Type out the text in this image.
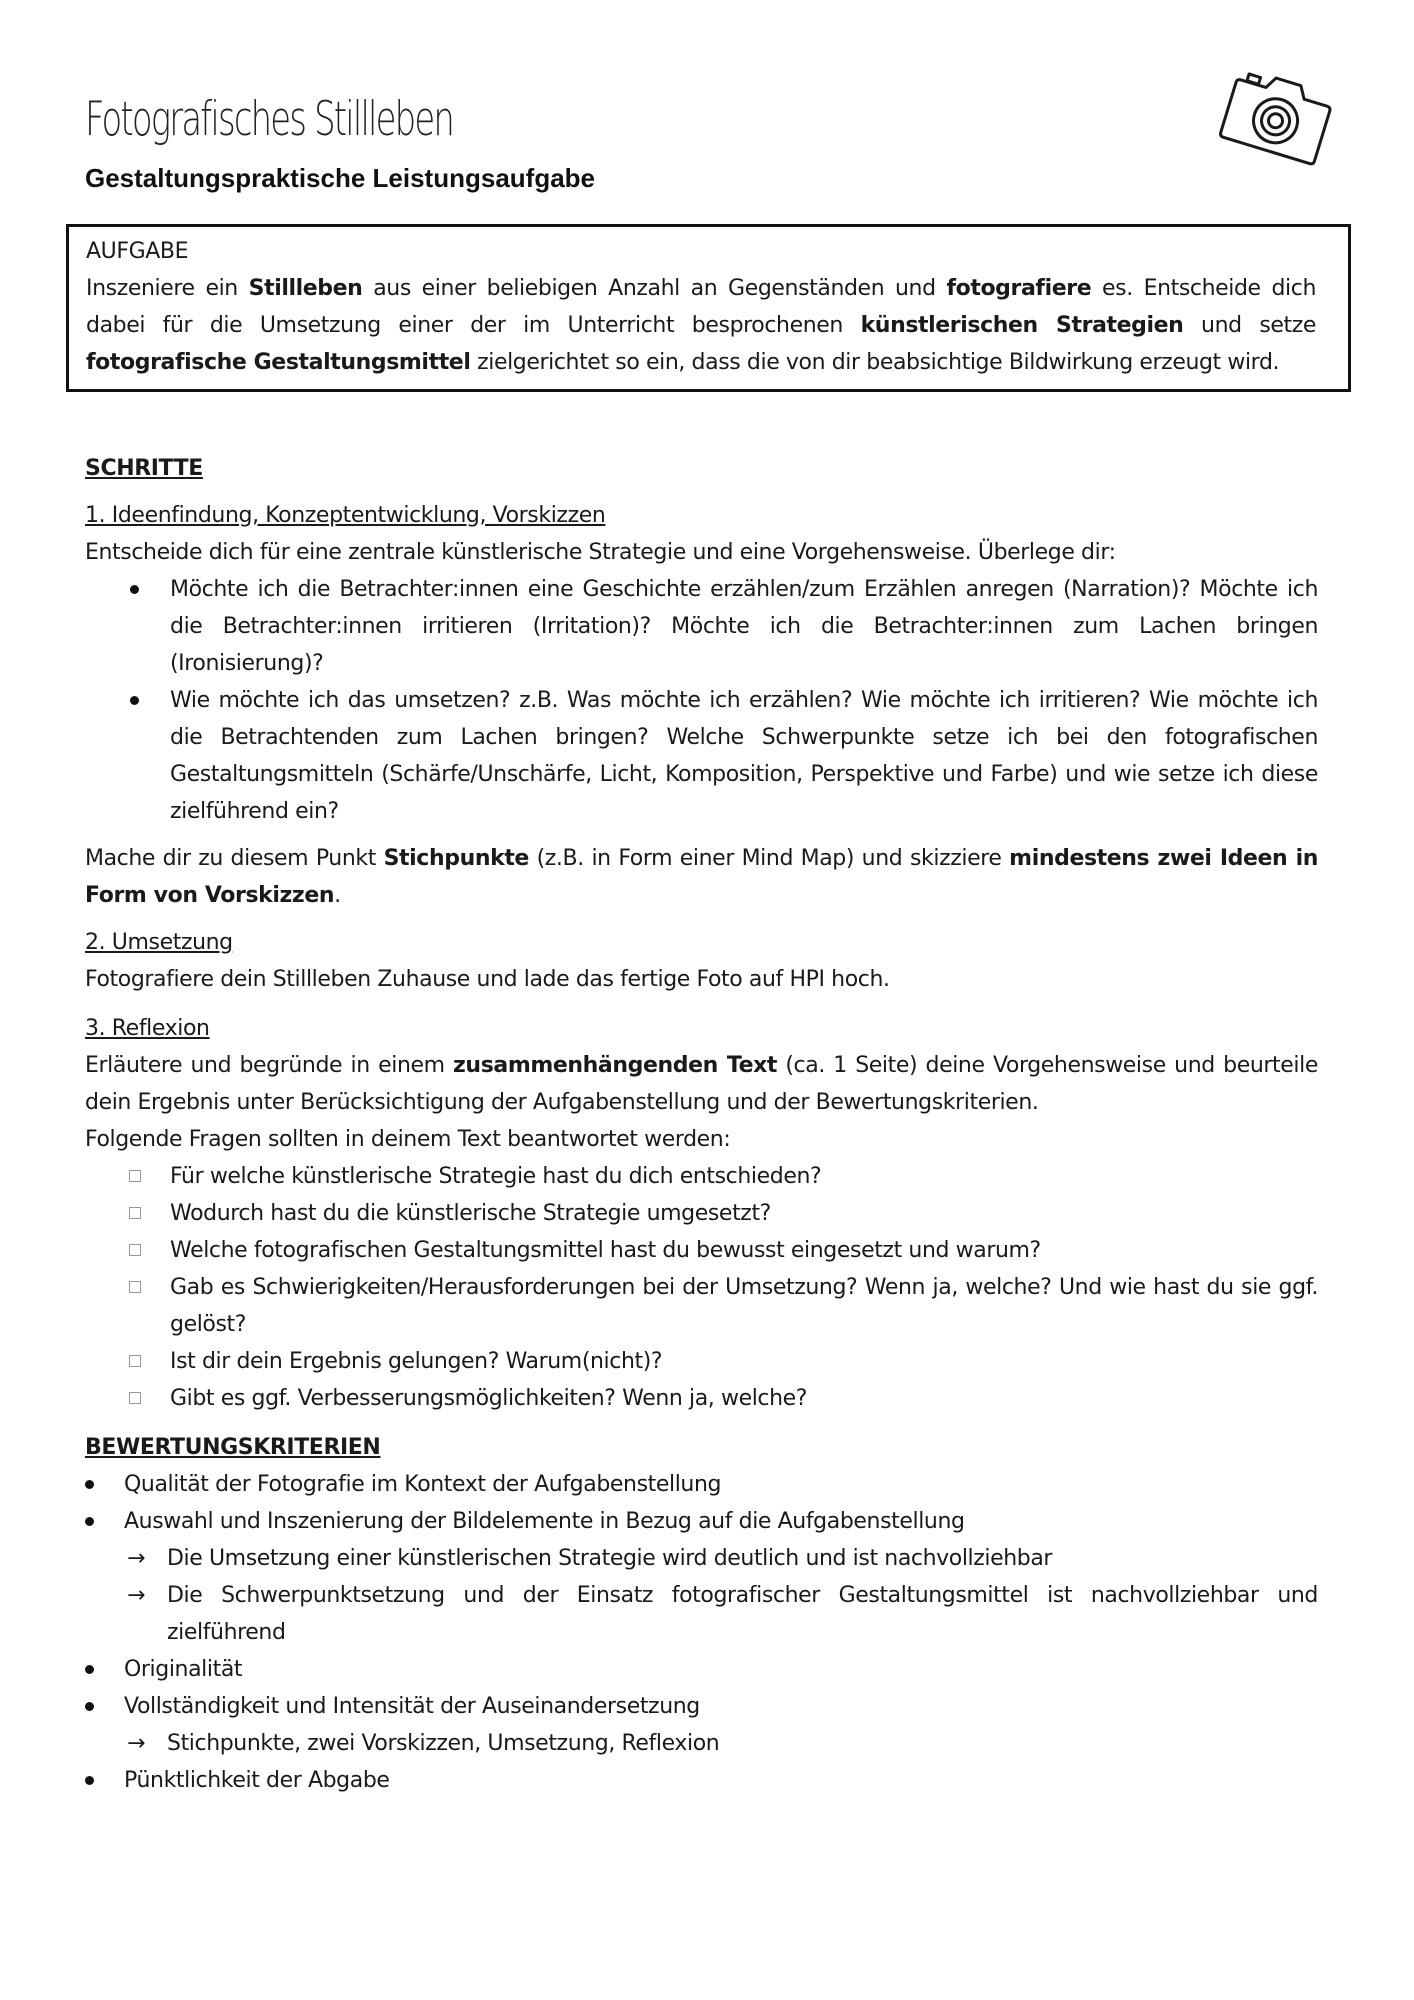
Fotografisches Stillleben
Gestaltungspraktische Leistungsaufgabe
AUFGABE
Inszeniere ein Stillleben aus einer beliebigen Anzahl an Gegenständen und fotografiere es. Entscheide dich dabei für die Umsetzung einer der im Unterricht besprochenen künstlerischen Strategien und setze fotografische Gestaltungsmittel zielgerichtet so ein, dass die von dir beabsichtige Bildwirkung erzeugt wird.
SCHRITTE
1. Ideenfindung, Konzeptentwicklung, Vorskizzen
Entscheide dich für eine zentrale künstlerische Strategie und eine Vorgehensweise. Überlege dir:
Möchte ich die Betrachter:innen eine Geschichte erzählen/zum Erzählen anregen (Narration)? Möchte ich die Betrachter:innen irritieren (Irritation)? Möchte ich die Betrachter:innen zum Lachen bringen (Ironisierung)?
Wie möchte ich das umsetzen? z.B. Was möchte ich erzählen? Wie möchte ich irritieren? Wie möchte ich die Betrachtenden zum Lachen bringen? Welche Schwerpunkte setze ich bei den fotografischen Gestaltungsmitteln (Schärfe/Unschärfe, Licht, Komposition, Perspektive und Farbe) und wie setze ich diese zielführend ein?
Mache dir zu diesem Punkt Stichpunkte (z.B. in Form einer Mind Map) und skizziere mindestens zwei Ideen in Form von Vorskizzen.
2. Umsetzung
Fotografiere dein Stillleben Zuhause und lade das fertige Foto auf HPI hoch.
3. Reflexion
Erläutere und begründe in einem zusammenhängenden Text (ca. 1 Seite) deine Vorgehensweise und beurteile dein Ergebnis unter Berücksichtigung der Aufgabenstellung und der Bewertungskriterien.
Folgende Fragen sollten in deinem Text beantwortet werden:
Für welche künstlerische Strategie hast du dich entschieden?
Wodurch hast du die künstlerische Strategie umgesetzt?
Welche fotografischen Gestaltungsmittel hast du bewusst eingesetzt und warum?
Gab es Schwierigkeiten/Herausforderungen bei der Umsetzung? Wenn ja, welche? Und wie hast du sie ggf. gelöst?
Ist dir dein Ergebnis gelungen? Warum(nicht)?
Gibt es ggf. Verbesserungsmöglichkeiten? Wenn ja, welche?
BEWERTUNGSKRITERIEN
Qualität der Fotografie im Kontext der Aufgabenstellung
Auswahl und Inszenierung der Bildelemente in Bezug auf die Aufgabenstellung
→ Die Umsetzung einer künstlerischen Strategie wird deutlich und ist nachvollziehbar
→ Die Schwerpunktsetzung und der Einsatz fotografischer Gestaltungsmittel ist nachvollziehbar und zielführend
Originalität
Vollständigkeit und Intensität der Auseinandersetzung
→ Stichpunkte, zwei Vorskizzen, Umsetzung, Reflexion
Pünktlichkeit der Abgabe
